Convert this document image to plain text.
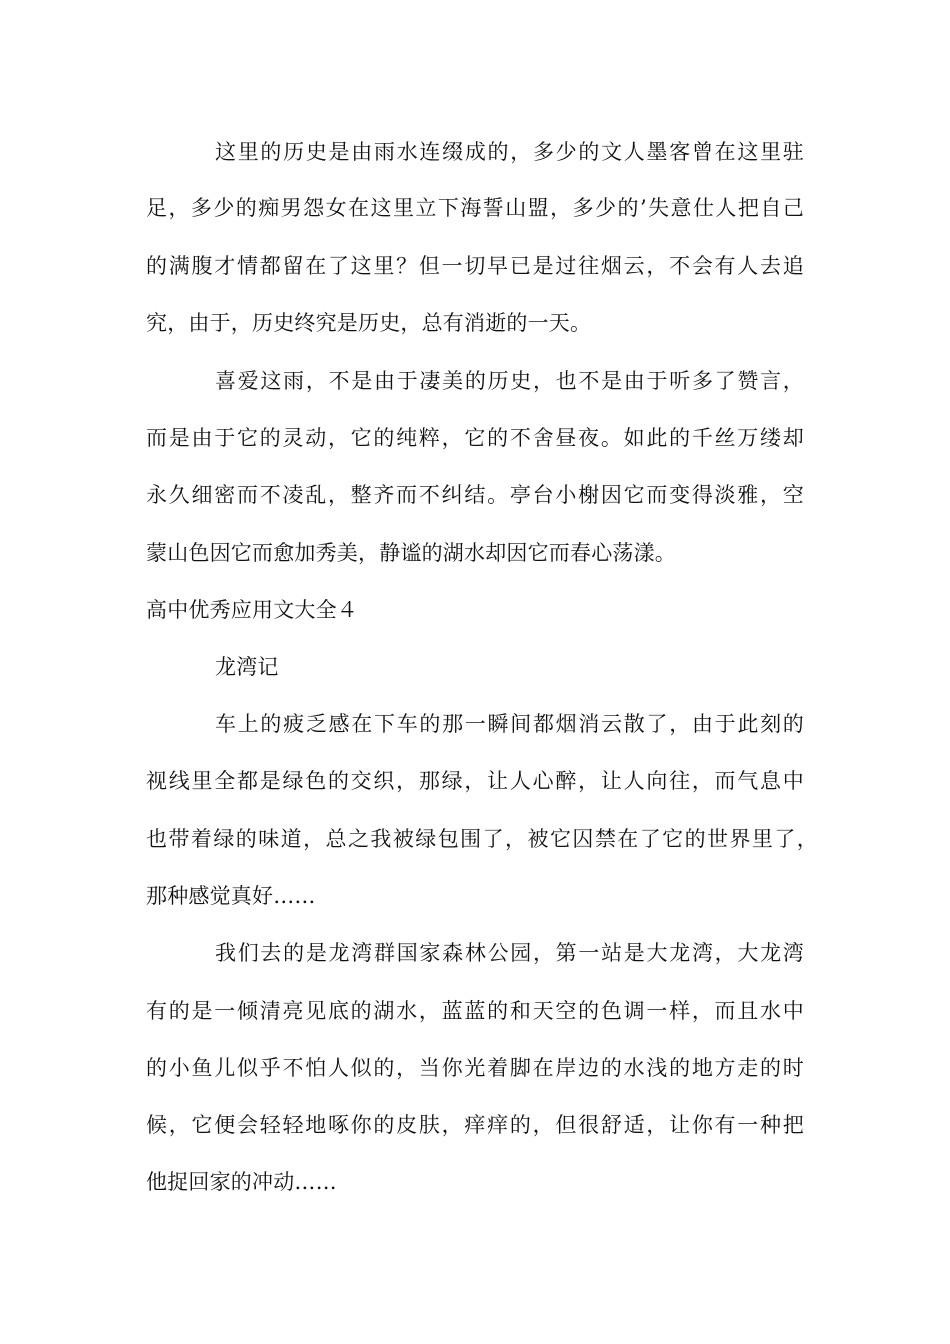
这里的历史是由雨水连缀成的，多少的文人墨客曾在这里驻
足，多少的痴男怨女在这里立下海誓山盟，多少的’失意仕人把自己
的满腹才情都留在了这里？但一切早已是过往烟云，不会有人去追
究，由于，历史终究是历史，总有消逝的一天。
喜爱这雨，不是由于凄美的历史，也不是由于听多了赞言，
而是由于它的灵动，它的纯粹，它的不舍昼夜。如此的千丝万缕却
永久细密而不凌乱，整齐而不纠结。亭台小榭因它而变得淡雅，空
蒙山色因它而愈加秀美，静谧的湖水却因它而春心荡漾。
高中优秀应用文大全４
龙湾记
车上的疲乏感在下车的那一瞬间都烟消云散了，由于此刻的
视线里全都是绿色的交织，那绿，让人心醉，让人向往，而气息中
也带着绿的味道，总之我被绿包围了，被它囚禁在了它的世界里了，
那种感觉真好……
我们去的是龙湾群国家森林公园，第一站是大龙湾，大龙湾
有的是一倾清亮见底的湖水，蓝蓝的和天空的色调一样，而且水中
的小鱼儿似乎不怕人似的，当你光着脚在岸边的水浅的地方走的时
候，它便会轻轻地啄你的皮肤，痒痒的，但很舒适，让你有一种把
他捉回家的冲动……
